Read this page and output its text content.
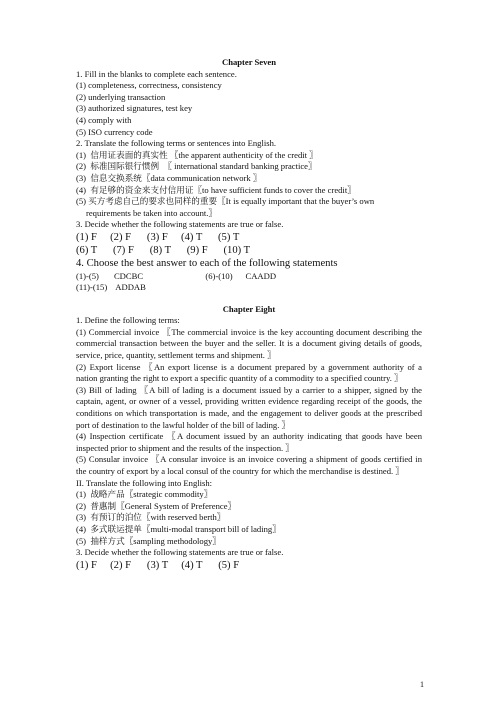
Chapter Seven
1. Fill in the blanks to complete each sentence.
(1) completeness, correctness, consistency
(2) underlying transaction
(3) authorized signatures, test key
(4) comply with
(5) ISO currency code
2. Translate the following terms or sentences into English.
(1)  信用证表面的真实性 〖the apparent authenticity of the credit 〗
(2)  标准国际银行惯例  〖 international standard banking practice〗
(3)  信息交换系统〖data communication network 〗
(4)  有足够的资金来支付信用证〖to have sufficient funds to cover the credit〗
(5) 买方考虑自己的要求也同样的重要〖It is equally important that the buyer’s own
requirements be taken into account.〗
3. Decide whether the following statements are true or false.
(1) F     (2) F      (3) F     (4) T      (5) T
(6) T      (7) F      (8) T      (9) F      (10) T
4. Choose the best answer to each of the following statements
(1)-(5)       CDCBC                             (6)-(10)      CAADD
(11)-(15)    ADDAB
Chapter Eight
1. Define the following terms:
(1) Commercial invoice 〖The commercial invoice is the key accounting document describing the commercial transaction between the buyer and the seller. It is a document giving details of goods, service, price, quantity, settlement terms and shipment. 〗
(2) Export license 〖An export license is a document prepared by a government authority of a nation granting the right to export a specific quantity of a commodity to a specified country. 〗
(3) Bill of lading 〖A bill of lading is a document issued by a carrier to a shipper, signed by the captain, agent, or owner of a vessel, providing written evidence regarding receipt of the goods, the conditions on which transportation is made, and the engagement to deliver goods at the prescribed port of destination to the lawful holder of the bill of lading. 〗
(4) Inspection certificate 〖A document issued by an authority indicating that goods have been inspected prior to shipment and the results of the inspection. 〗
(5) Consular invoice 〖A consular invoice is an invoice covering a shipment of goods certified in the country of export by a local consul of the country for which the merchandise is destined. 〗
II. Translate the following into English:
(1)  战略产品〖strategic commodity〗
(2)  普惠制〖General System of Preference〗
(3)  有预订的泊位〖with reserved berth〗
(4)  多式联运提单〖multi-modal transport bill of lading〗
(5)  抽样方式〖sampling methodology〗
3. Decide whether the following statements are true or false.
(1) F     (2) F      (3) T     (4) T      (5) F
1
